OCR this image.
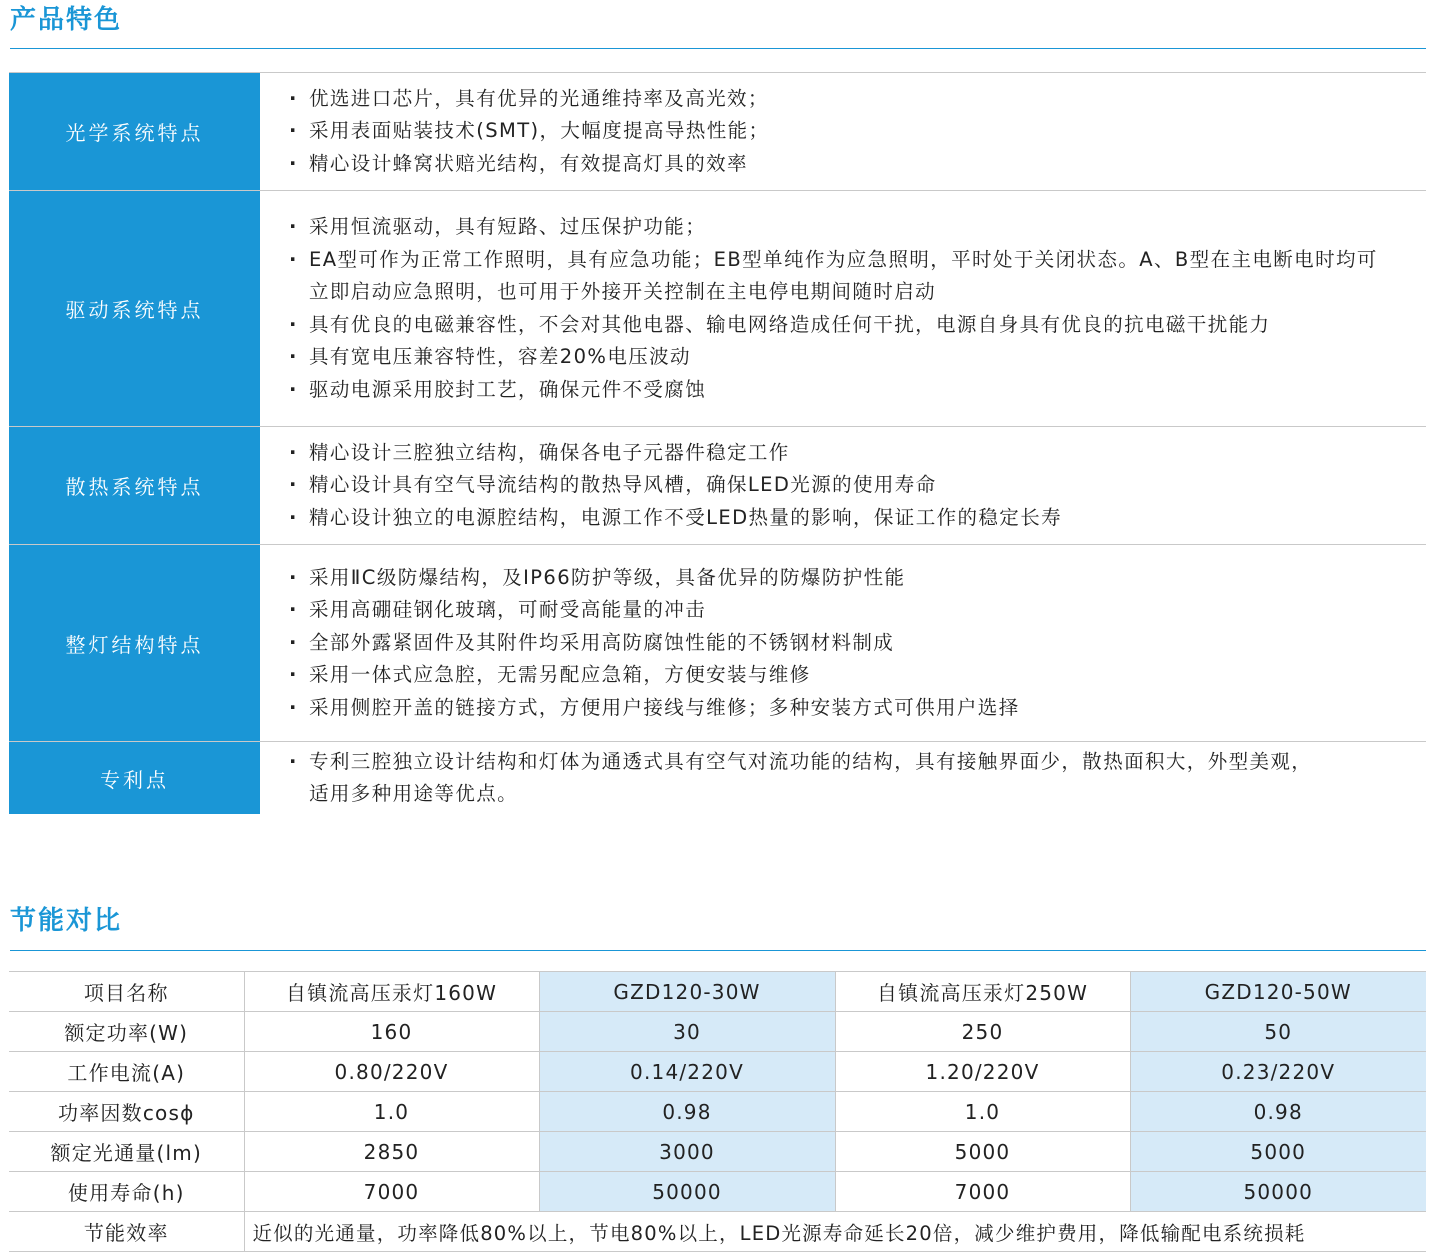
产品特色
光学系统特点
· 优选进口芯片，具有优异的光通维持率及高光效；
· 采用表面贴装技术(SMT)，大幅度提高导热性能；
· 精心设计蜂窝状赔光结构，有效提高灯具的效率
驱动系统特点
· 采用恒流驱动，具有短路、过压保护功能；
· EA型可作为正常工作照明，具有应急功能；EB型单纯作为应急照明，平时处于关闭状态。A、B型在主电断电时均可立即启动应急照明，也可用于外接开关控制在主电停电期间随时启动
· 具有优良的电磁兼容性，不会对其他电器、输电网络造成任何干扰，电源自身具有优良的抗电磁干扰能力
· 具有宽电压兼容特性，容差20%电压波动
· 驱动电源采用胶封工艺，确保元件不受腐蚀
散热系统特点
· 精心设计三腔独立结构，确保各电子元器件稳定工作
· 精心设计具有空气导流结构的散热导风槽，确保LED光源的使用寿命
· 精心设计独立的电源腔结构，电源工作不受LED热量的影响，保证工作的稳定长寿
整灯结构特点
· 采用ⅡC级防爆结构，及IP66防护等级，具备优异的防爆防护性能
· 采用高硼硅钢化玻璃，可耐受高能量的冲击
· 全部外露紧固件及其附件均采用高防腐蚀性能的不锈钢材料制成
· 采用一体式应急腔，无需另配应急箱，方便安装与维修
· 采用侧腔开盖的链接方式，方便用户接线与维修；多种安装方式可供用户选择
专利点
· 专利三腔独立设计结构和灯体为通透式具有空气对流功能的结构，具有接触界面少，散热面积大，外型美观，适用多种用途等优点。
节能对比
项目名称	自镇流高压汞灯160W	GZD120-30W	自镇流高压汞灯250W	GZD120-50W
额定功率(W)	160	30	250	50
工作电流(A)	0.80/220V	0.14/220V	1.20/220V	0.23/220V
功率因数cosϕ	1.0	0.98	1.0	0.98
额定光通量(lm)	2850	3000	5000	5000
使用寿命(h)	7000	50000	7000	50000
节能效率	近似的光通量，功率降低80%以上，节电80%以上，LED光源寿命延长20倍，减少维护费用，降低输配电系统损耗			
